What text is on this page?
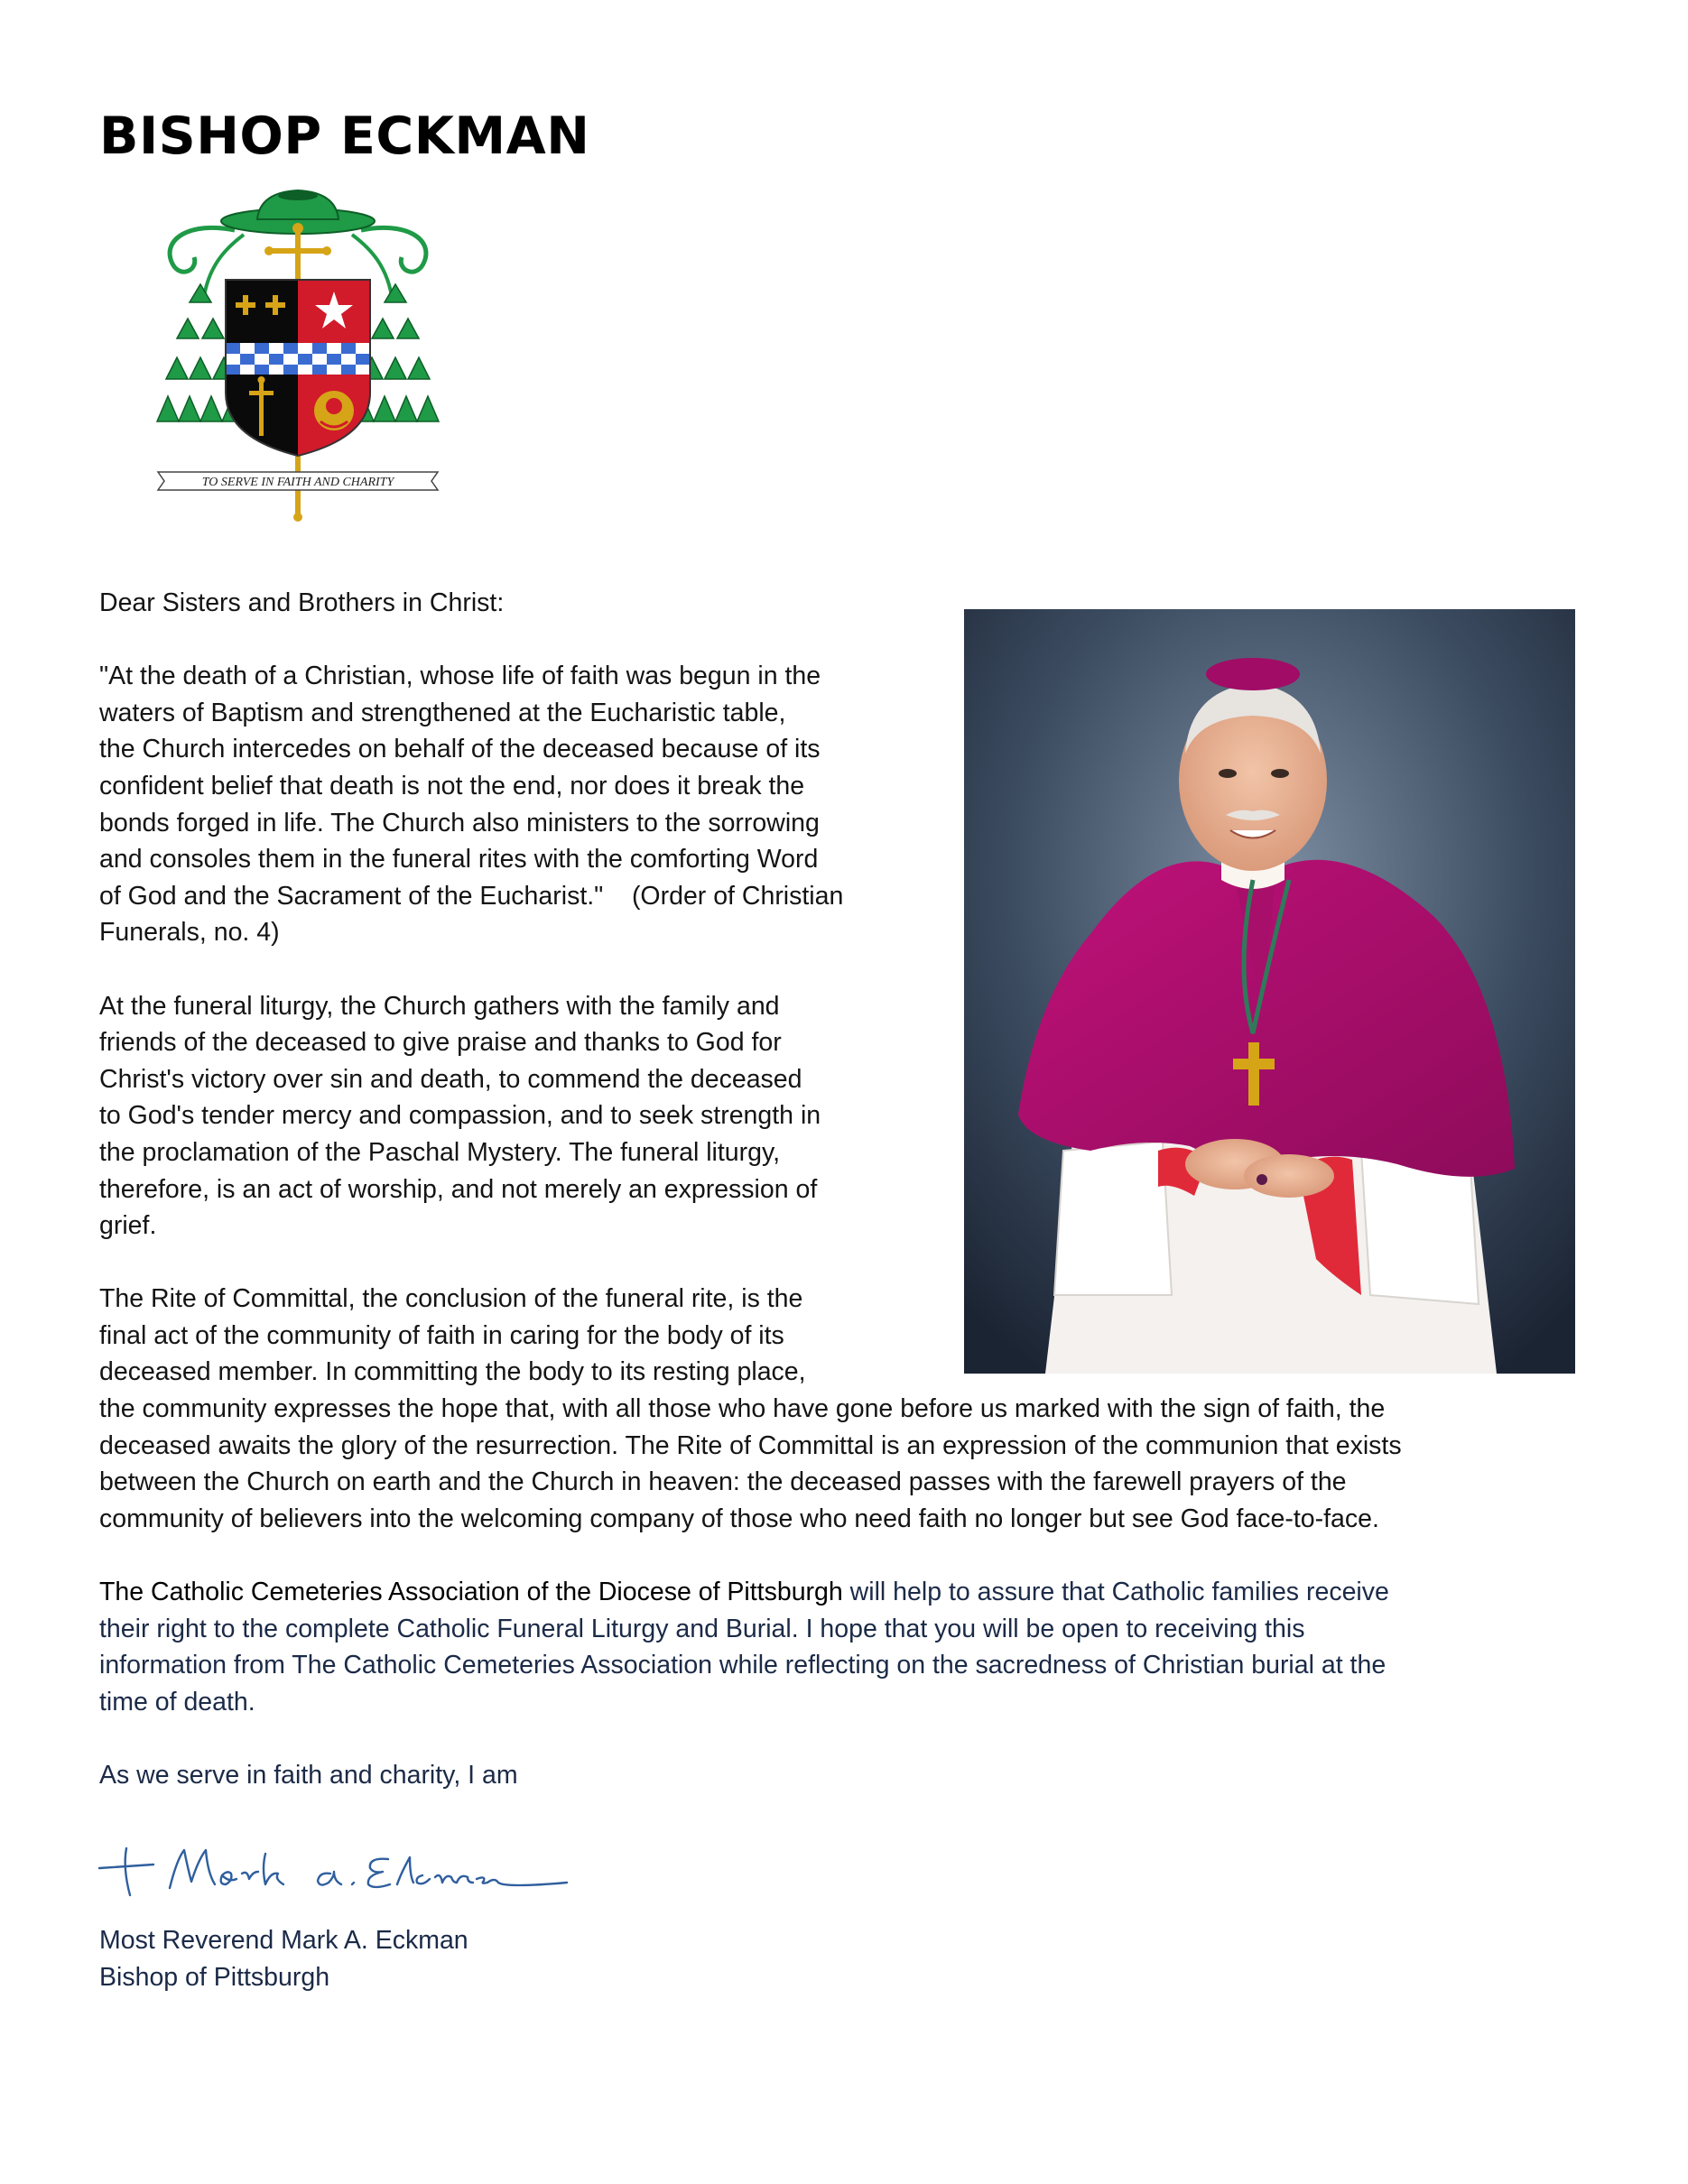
BISHOP ECKMAN
TO SERVE IN FAITH AND CHARITY

Dear Sisters and Brothers in Christ:

"At the death of a Christian, whose life of faith was begun in the

waters of Baptism and strengthened at the Eucharistic table,

the Church intercedes on behalf of the deceased because of its

confident belief that death is not the end, nor does it break the

bonds forged in life. The Church also ministers to the sorrowing

and consoles them in the funeral rites with the comforting Word

of God and the Sacrament of the Eucharist."    (Order of Christian

Funerals, no. 4)

At the funeral liturgy, the Church gathers with the family and

friends of the deceased to give praise and thanks to God for

Christ's victory over sin and death, to commend the deceased

to God's tender mercy and compassion, and to seek strength in

the proclamation of the Paschal Mystery. The funeral liturgy,

therefore, is an act of worship, and not merely an expression of

grief.

The Rite of Committal, the conclusion of the funeral rite, is the

final act of the community of faith in caring for the body of its

deceased member. In committing the body to its resting place,

the community expresses the hope that, with all those who have gone before us marked with the sign of faith, the

deceased awaits the glory of the resurrection. The Rite of Committal is an expression of the communion that exists

between the Church on earth and the Church in heaven: the deceased passes with the farewell prayers of the

community of believers into the welcoming company of those who need faith no longer but see God face-to-face.

The Catholic Cemeteries Association of the Diocese of Pittsburgh will help to assure that Catholic families receive

their right to the complete Catholic Funeral Liturgy and Burial. I hope that you will be open to receiving this

information from The Catholic Cemeteries Association while reflecting on the sacredness of Christian burial at the

time of death.

As we serve in faith and charity, I am

Most Reverend Mark A. Eckman

Bishop of Pittsburgh
